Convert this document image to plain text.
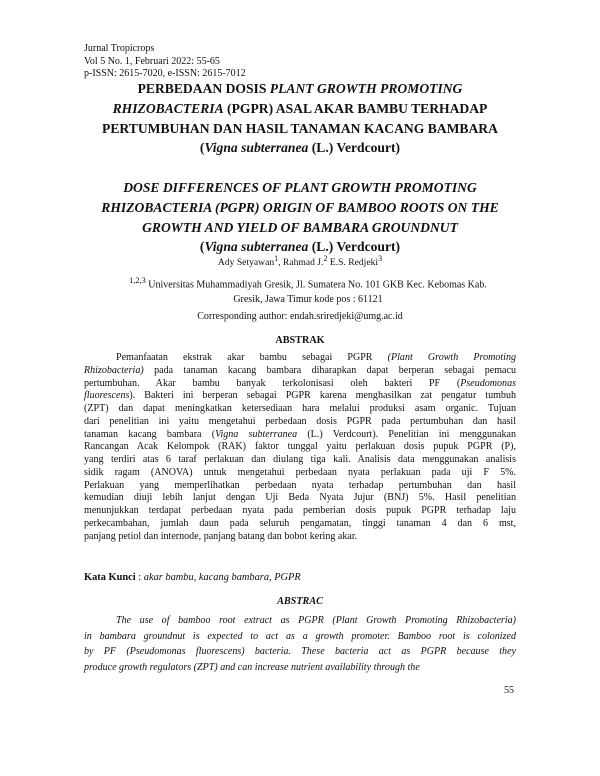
Jurnal Tropicrops
Vol 5 No. 1, Februari 2022: 55-65
p-ISSN: 2615-7020, e-ISSN: 2615-7012
PERBEDAAN DOSIS PLANT GROWTH PROMOTING
RHIZOBACTERIA (PGPR) ASAL AKAR BAMBU TERHADAP
PERTUMBUHAN DAN HASIL TANAMAN KACANG BAMBARA
(Vigna subterranea (L.) Verdcourt)
DOSE DIFFERENCES OF PLANT GROWTH PROMOTING
RHIZOBACTERIA (PGPR) ORIGIN OF BAMBOO ROOTS ON THE
GROWTH AND YIELD OF BAMBARA GROUNDNUT
(Vigna subterranea (L.) Verdcourt)
Ady Setyawan$^1$, Rahmad J.$^2$ E.S. Redjeki$^3$
$^{1,2,3}$ Universitas Muhammadiyah Gresik, Jl. Sumatera No. 101 GKB Kec. Kebomas Kab.
Gresik, Jawa Timur kode pos : 61121
Corresponding author: endah.sriredjeki@umg.ac.id
ABSTRAK
Pemanfaatan ekstrak akar bambu sebagai PGPR (Plant Growth Promoting
Rhizobacteria) pada tanaman kacang bambara diharapkan dapat berperan sebagai pemacu
pertumbuhan. Akar bambu banyak terkolonisasi oleh bakteri PF (Pseudomonas
fluorescens). Bakteri ini berperan sebagai PGPR karena menghasilkan zat pengatur tumbuh
(ZPT) dan dapat meningkatkan ketersediaan hara melalui produksi asam organic. Tujuan
dari penelitian ini yaitu mengetahui perbedaan dosis PGPR pada pertumbuhan dan hasil
tanaman kacang bambara (Vigna subterranea (L.) Verdcourt). Penelitian ini menggunakan
Rancangan Acak Kelompok (RAK) faktor tunggal yaitu perlakuan dosis pupuk PGPR (P),
yang terdiri atas 6 taraf perlakuan dan diulang tiga kali. Analisis data menggunakan analisis
sidik ragam (ANOVA) untuk mengetahui perbedaan nyata perlakuan pada uji F 5%.
Perlakuan yang memperlihatkan perbedaan nyata terhadap pertumbuhan dan hasil
kemudian diuji lebih lanjut dengan Uji Beda Nyata Jujur (BNJ) 5%. Hasil penelitian
menunjukkan terdapat perbedaan nyata pada pemberian dosis pupuk PGPR terhadap laju
perkecambahan, jumlah daun pada seluruh pengamatan, tinggi tanaman 4 dan 6 mst,
panjang petiol dan internode, panjang batang dan bobot kering akar.
Kata Kunci : akar bambu, kacang bambara, PGPR
ABSTRAC
The use of bamboo root extract as PGPR (Plant Growth Promoting Rhizobacteria)
in bambara groundnut is expected to act as a growth promoter. Bamboo root is colonized
by PF (Pseudomonas fluorescens) bacteria. These bacteria act as PGPR because they
produce growth regulators (ZPT) and can increase nutrient availability through the
55
